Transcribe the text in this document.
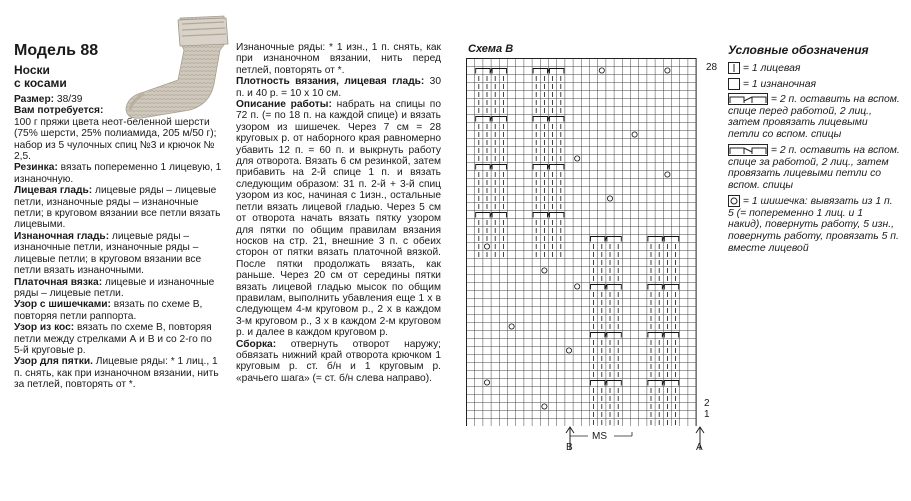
Модель 88

Носки

с косами

Размер: 38/39

Вам потребуется:

100 г пряжи цвета неот-беленной шерсти (75% шерсти, 25% полиамида, 205 м/50 г); набор из 5 чулочных спиц №3 и крючок № 2,5.

Резинка: вязать попеременно 1 лицевую, 1 изнаночную.

Лицевая гладь: лицевые ряды – лицевые петли, изнаночные ряды – изнаночные петли; в круговом вязании все петли вязать лицевыми.

Изнаночная гладь: лицевые ряды – изнаночные петли, изнаночные ряды – лицевые петли; в круговом вязании все петли вязать изнаночными.

Платочная вязка: лицевые и изнаночные ряды – лицевые петли.

Узор с шишечками: вязать по схеме В, повторяя петли раппорта.

Узор из кос: вязать по схеме В, повторяя петли между стрелками А и В и со 2-го по 5-й круговые р.

Узор для пятки. Лицевые ряды: * 1 лиц., 1 п. снять, как при изнаночном вязании, нить за петлей, повторять от *.

Изнаночные ряды: * 1 изн., 1 п. снять, как при изнаночном вязании, нить перед петлей, повторять от *.

Плотность вязания, лицевая гладь: 30 п. и 40 р. = 10 х 10 см.

Описание работы: набрать на спицы по 72 п. (= по 18 п. на каждой спице) и вязать узором из шишечек. Через 7 см = 28 круговых р. от наборного края равномерно убавить 12 п. = 60 п. и выкрнуть работу для отворота. Вязать 6 см резинкой, затем прибавить на 2-й спице 1 п. и вязать следующим образом: 31 п. 2-й + 3-й спиц узором из кос, начиная с 1изн., остальные петли вязать лицевой гладью. Через 5 см от отворота начать вязать пятку узором для пятки по общим правилам вязания носков на стр. 21, внешние 3 п. с обеих сторон от пятки вязать платочной вязкой. После пятки продолжать вязать, как раньше. Через 20 см от середины пятки вязать лицевой гладью мысок по общим правилам, выполнить убавления еще 1 х в следующем 4-м круговом р., 2 х в каждом 3-м круговом р., 3 х в каждом 2-м круговом р. и далее в каждом круговом р.

Сборка: отвернуть отворот наружу; обвязать нижний край отворота крючком 1 круговым р. ст. б/н и 1 круговым р. «рачьего шага» (= ст. б/н слева направо).

Схема В
28
2
1
MS
В	А
Условные обозначения
= 1 лицевая
= 1 изнаночная
= 2 п. оставить на вспом. спице перед работой, 2 лиц., затем провязать лицевыми петли со вспом. спицы
= 2 п. оставить на вспом. спице за работой, 2 лиц., затем провязать лицевыми петли со вспом. спицы
= 1 шишечка: вывязать из 1 п. 5 (= попеременно 1 лиц. и 1 накид), повернуть работу, 5 изн., повернуть работу, провязать 5 п. вместе лицевой
